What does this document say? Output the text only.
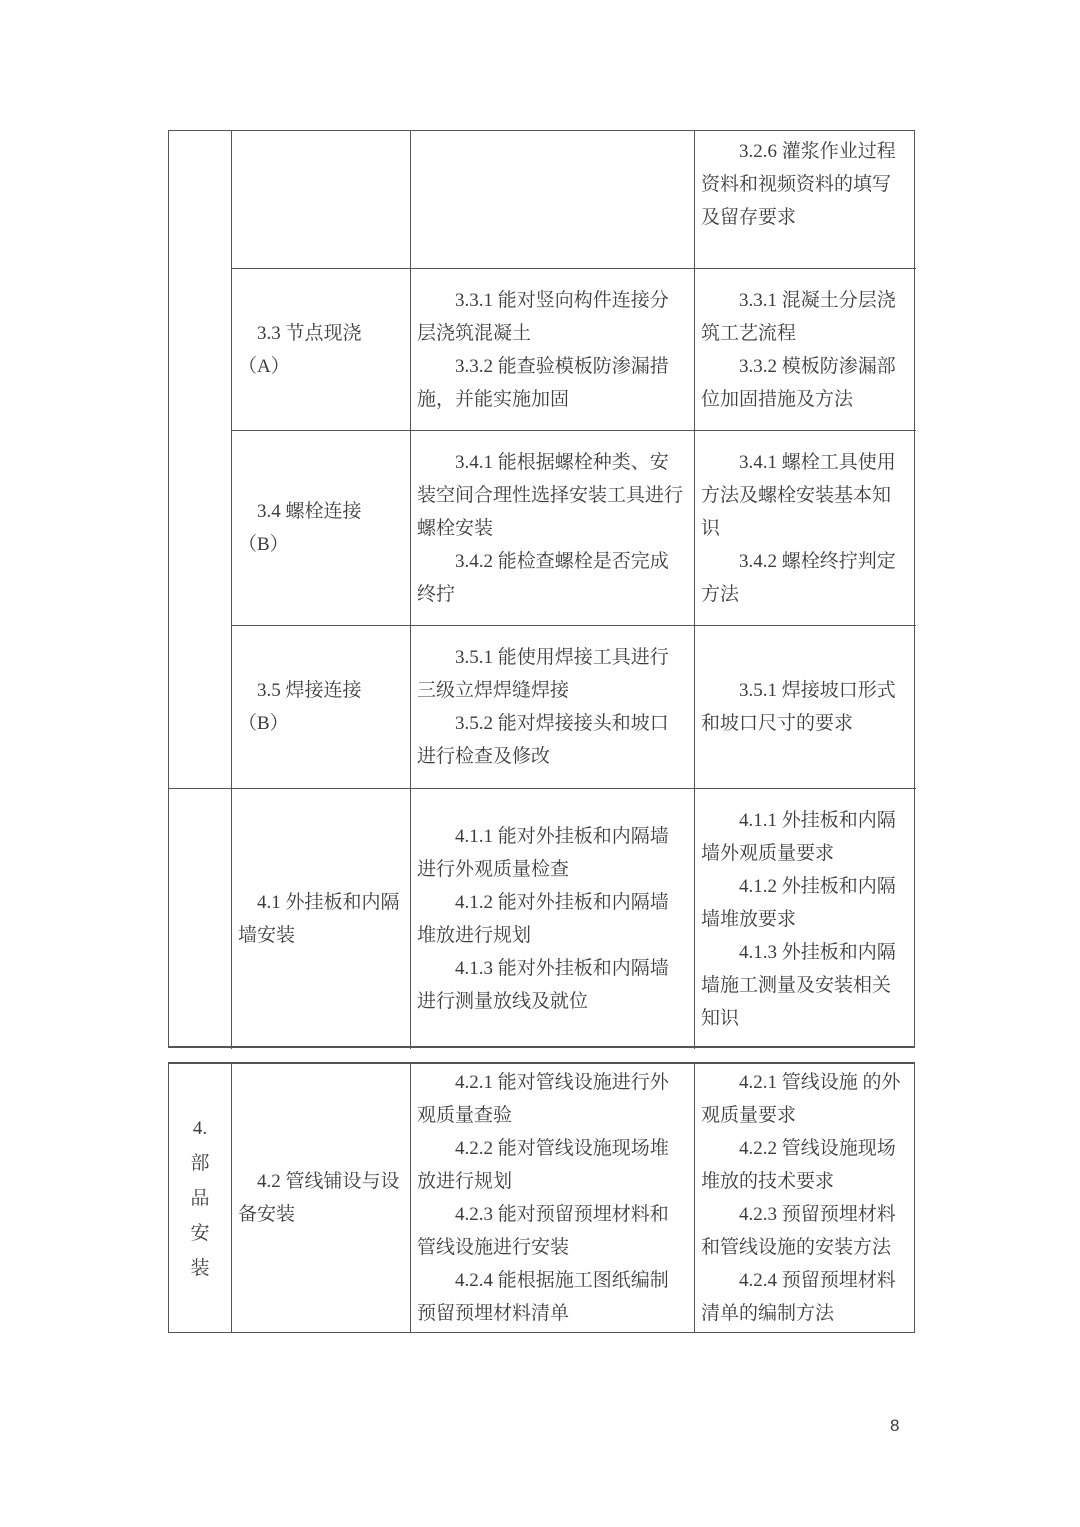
3.2.6 灌浆作业过程资料和视频资料的填写及留存要求

3.3 节点现浇（A）

3.3.1 能对竖向构件连接分层浇筑混凝土

3.3.2 能查验模板防渗漏措施，并能实施加固

3.3.1 混凝土分层浇筑工艺流程

3.3.2 模板防渗漏部位加固措施及方法

3.4 螺栓连接（B）

3.4.1 能根据螺栓种类、安装空间合理性选择安装工具进行螺栓安装

3.4.2 能检查螺栓是否完成终拧

3.4.1 螺栓工具使用方法及螺栓安装基本知识

3.4.2 螺栓终拧判定方法

3.5 焊接连接（B）

3.5.1 能使用焊接工具进行三级立焊焊缝焊接

3.5.2 能对焊接接头和坡口进行检查及修改

3.5.1 焊接坡口形式和坡口尺寸的要求

4.1 外挂板和内隔墙安装

4.1.1 能对外挂板和内隔墙进行外观质量检查

4.1.2 能对外挂板和内隔墙堆放进行规划

4.1.3 能对外挂板和内隔墙进行测量放线及就位

4.1.1 外挂板和内隔墙外观质量要求

4.1.2 外挂板和内隔墙堆放要求

4.1.3 外挂板和内隔墙施工测量及安装相关知识

4.

部

品

安

装

4.2 管线铺设与设备安装

4.2.1 能对管线设施进行外观质量查验

4.2.2 能对管线设施现场堆放进行规划

4.2.3 能对预留预埋材料和管线设施进行安装

4.2.4 能根据施工图纸编制预留预埋材料清单

4.2.1 管线设施 的外观质量要求

4.2.2 管线设施现场堆放的技术要求

4.2.3 预留预埋材料和管线设施的安装方法

4.2.4 预留预埋材料清单的编制方法

8
